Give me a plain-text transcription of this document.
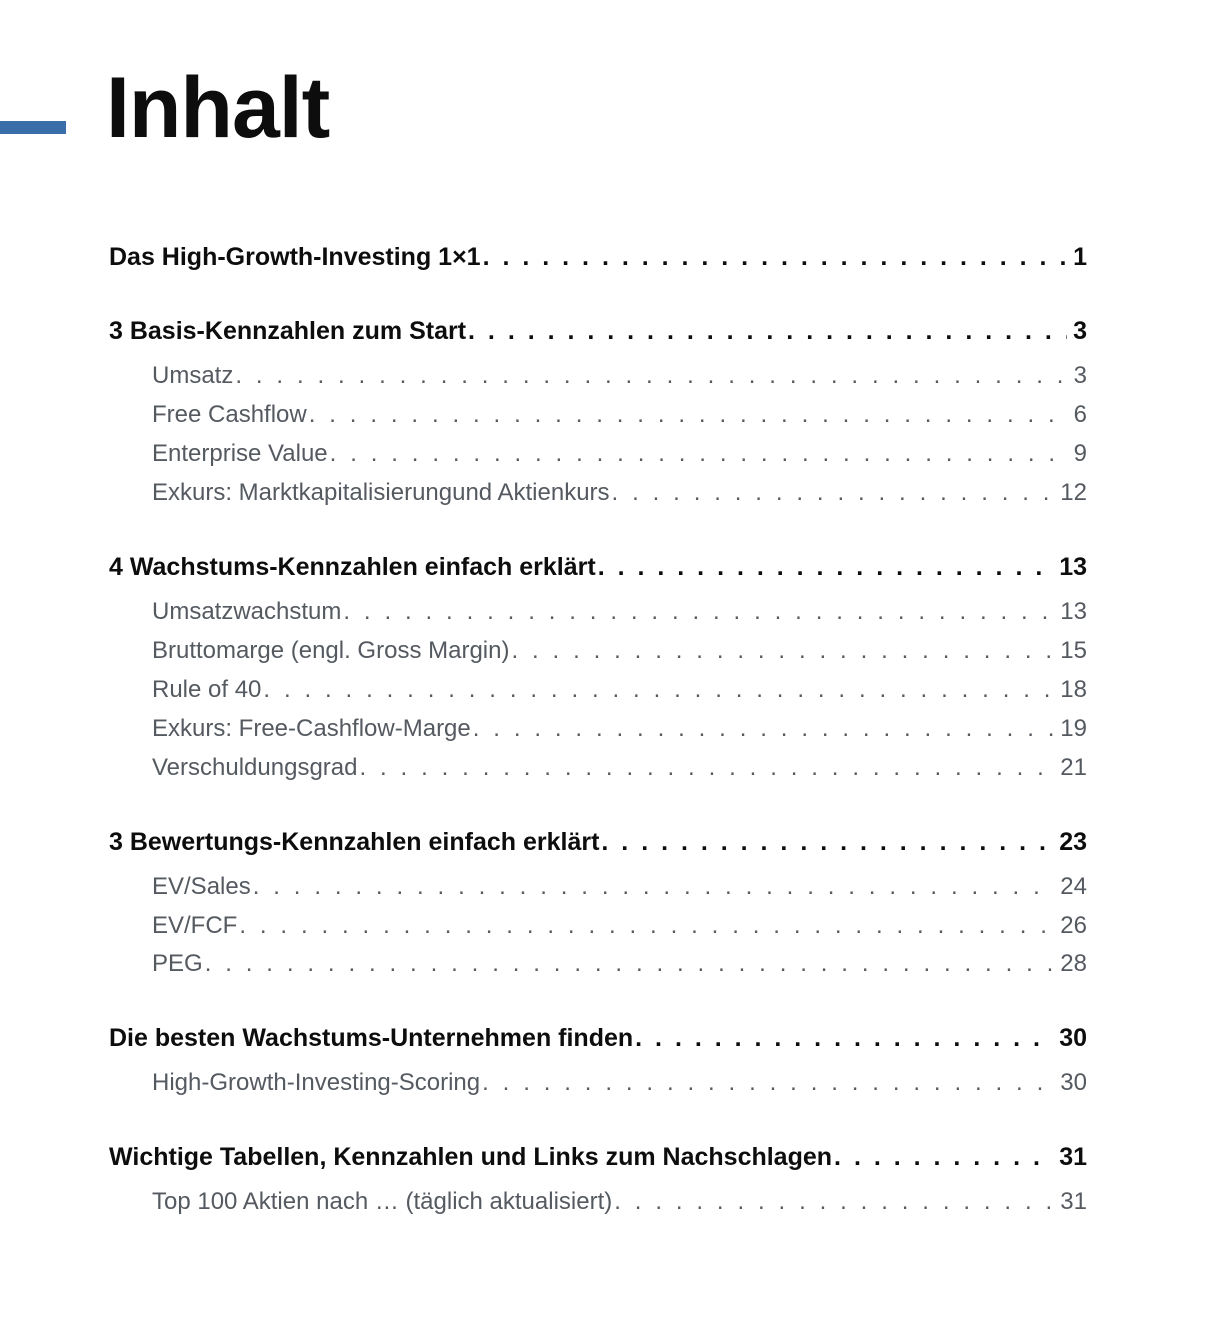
Inhalt
Das High-Growth-Investing 1×1 . . .	1
3 Basis-Kennzahlen zum Start . . .	3
Umsatz . . .	3
Free Cashflow . . .	6
Enterprise Value . . .	9
Exkurs: Marktkapitalisierungund Aktienkurs . . .	12
4 Wachstums-Kennzahlen einfach erklärt . . .	13
Umsatzwachstum . . .	13
Bruttomarge (engl. Gross Margin) . . .	15
Rule of 40 . . .	18
Exkurs: Free-Cashflow-Marge . . .	19
Verschuldungsgrad . . .	21
3 Bewertungs-Kennzahlen einfach erklärt . . .	23
EV/Sales . . .	24
EV/FCF . . .	26
PEG . . .	28
Die besten Wachstums-Unternehmen finden . . .	30
High-Growth-Investing-Scoring . . .	30
Wichtige Tabellen, Kennzahlen und Links zum Nachschlagen . . .	31
Top 100 Aktien nach … (täglich aktualisiert) . . .	31
